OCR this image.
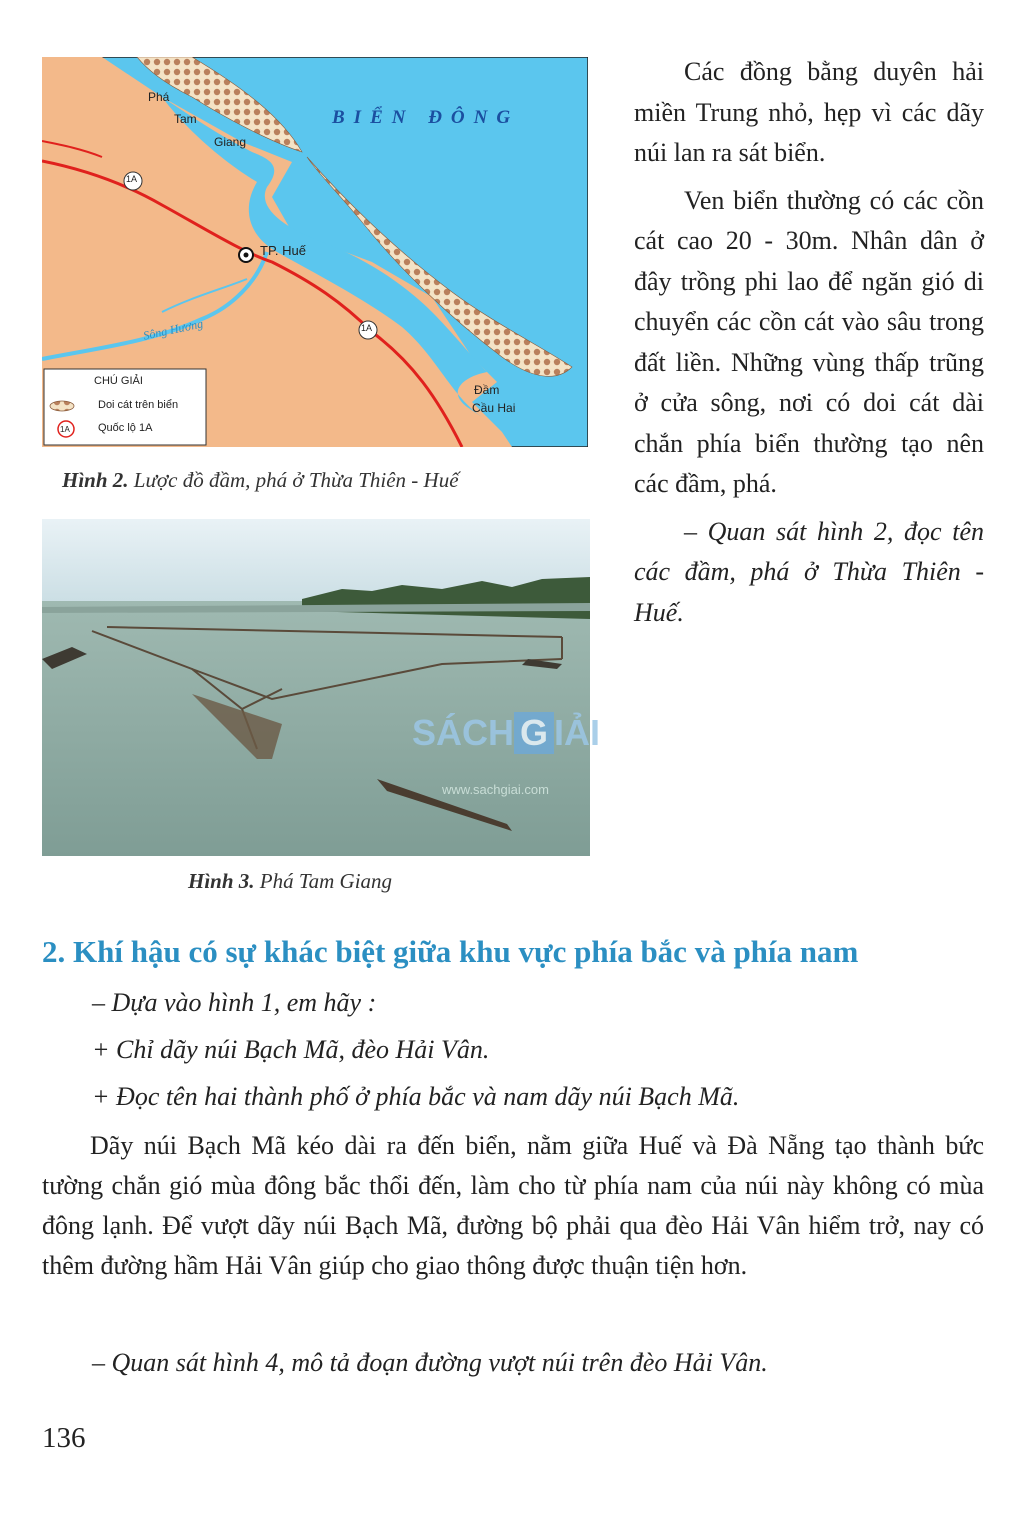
BIỂN ĐÔNG
Phá
Tam
Giang
1A
1A
TP. Huế
Sông Hương
Đầm
Cầu Hai
CHÚ GIẢI
Doi cát trên biển
Quốc lộ 1A
1A
Hình 2. Lược đồ đầm, phá ở Thừa Thiên - Huế
Hình 3. Phá Tam Giang
SÁCH G IẢI
www.sachgiai.com

Các đồng bằng duyên hải miền Trung nhỏ, hẹp vì các dãy núi lan ra sát biển.

Ven biển thường có các cồn cát cao 20 - 30m. Nhân dân ở đây trồng phi lao để ngăn gió di chuyển các cồn cát vào sâu trong đất liền. Những vùng thấp trũng ở cửa sông, nơi có doi cát dài chắn phía biển thường tạo nên các đầm, phá.

– Quan sát hình 2, đọc tên các đầm, phá ở Thừa Thiên - Huế.

2. Khí hậu có sự khác biệt giữa khu vực phía bắc và phía nam
– Dựa vào hình 1, em hãy :
+ Chỉ dãy núi Bạch Mã, đèo Hải Vân.
+ Đọc tên hai thành phố ở phía bắc và nam dãy núi Bạch Mã.

Dãy núi Bạch Mã kéo dài ra đến biển, nằm giữa Huế và Đà Nẵng tạo thành bức tường chắn gió mùa đông bắc thổi đến, làm cho từ phía nam của núi này không có mùa đông lạnh. Để vượt dãy núi Bạch Mã, đường bộ phải qua đèo Hải Vân hiểm trở, nay có thêm đường hầm Hải Vân giúp cho giao thông được thuận tiện hơn.

– Quan sát hình 4, mô tả đoạn đường vượt núi trên đèo Hải Vân.
136
